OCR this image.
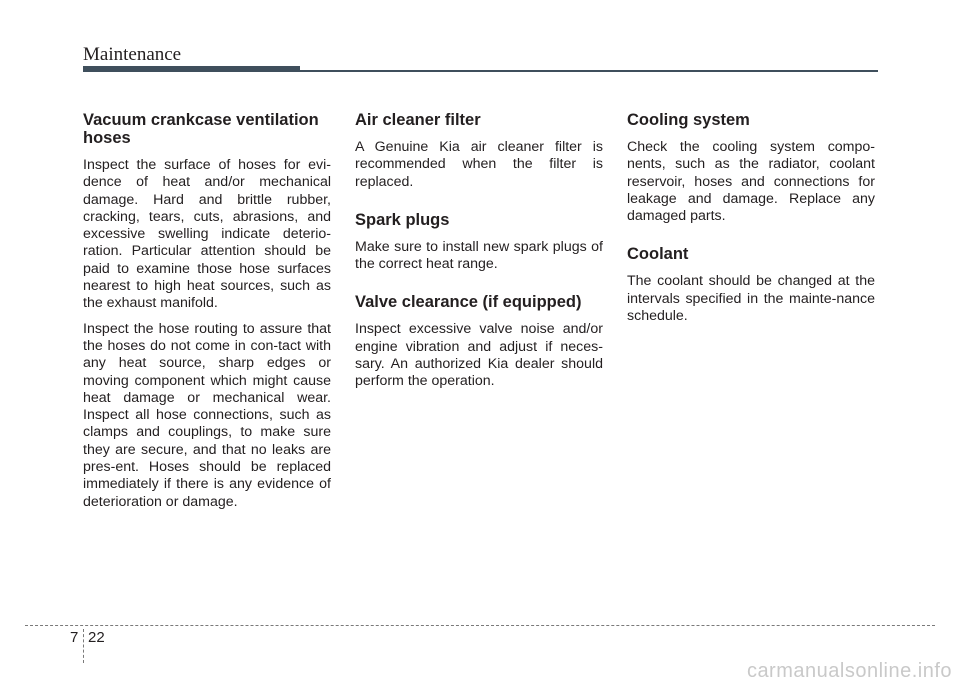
Maintenance
Vacuum crankcase ventilation hoses

Inspect the surface of hoses for evi-dence of heat and/or mechanical damage. Hard and brittle rubber, cracking, tears, cuts, abrasions, and excessive swelling indicate deterio-ration. Particular attention should be paid to examine those hose surfaces nearest to high heat sources, such as the exhaust manifold.

Inspect the hose routing to assure that the hoses do not come in con-tact with any heat source, sharp edges or moving component which might cause heat damage or mechanical wear. Inspect all hose connections, such as clamps and couplings, to make sure they are secure, and that no leaks are pres-ent. Hoses should be replaced immediately if there is any evidence of deterioration or damage.

Air cleaner filter

A Genuine Kia air cleaner filter is recommended when the filter is replaced.

Spark plugs

Make sure to install new spark plugs of the correct heat range.

Valve clearance (if equipped)

Inspect excessive valve noise and/or engine vibration and adjust if neces-sary. An authorized Kia dealer should perform the operation.

Cooling system

Check the cooling system compo-nents, such as the radiator, coolant reservoir, hoses and connections for leakage and damage. Replace any damaged parts.

Coolant

The coolant should be changed at the intervals specified in the mainte-nance schedule.

7 22
carmanualsonline.info
